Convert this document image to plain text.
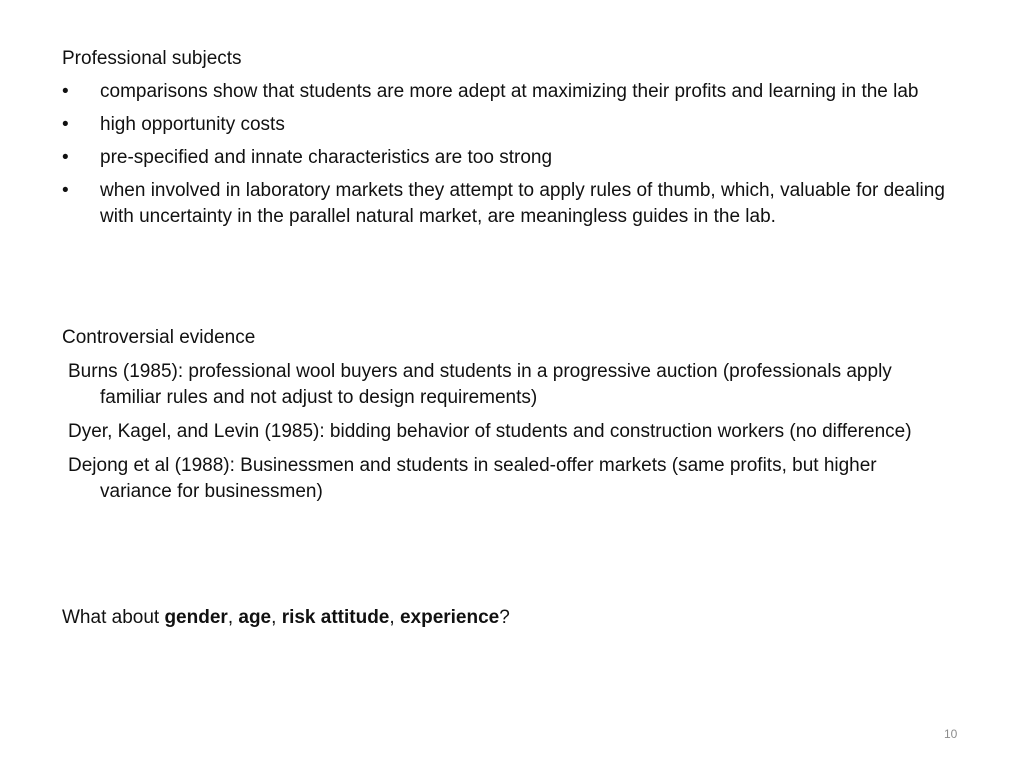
Professional subjects
• comparisons show that students are more adept at maximizing their profits and learning in the lab
• high opportunity costs
• pre-specified and innate characteristics are too strong
• when involved in laboratory markets they attempt to apply rules of thumb, which, valuable for dealing with uncertainty in the parallel natural market, are meaningless guides in the lab.
Controversial evidence
Burns (1985): professional wool buyers and students in a progressive auction (professionals apply familiar rules and not adjust to design requirements)
Dyer, Kagel, and Levin (1985): bidding behavior of students and construction workers (no difference)
Dejong et al (1988): Businessmen and students in sealed-offer markets (same profits, but higher variance for businessmen)
What about gender, age, risk attitude, experience?
10
